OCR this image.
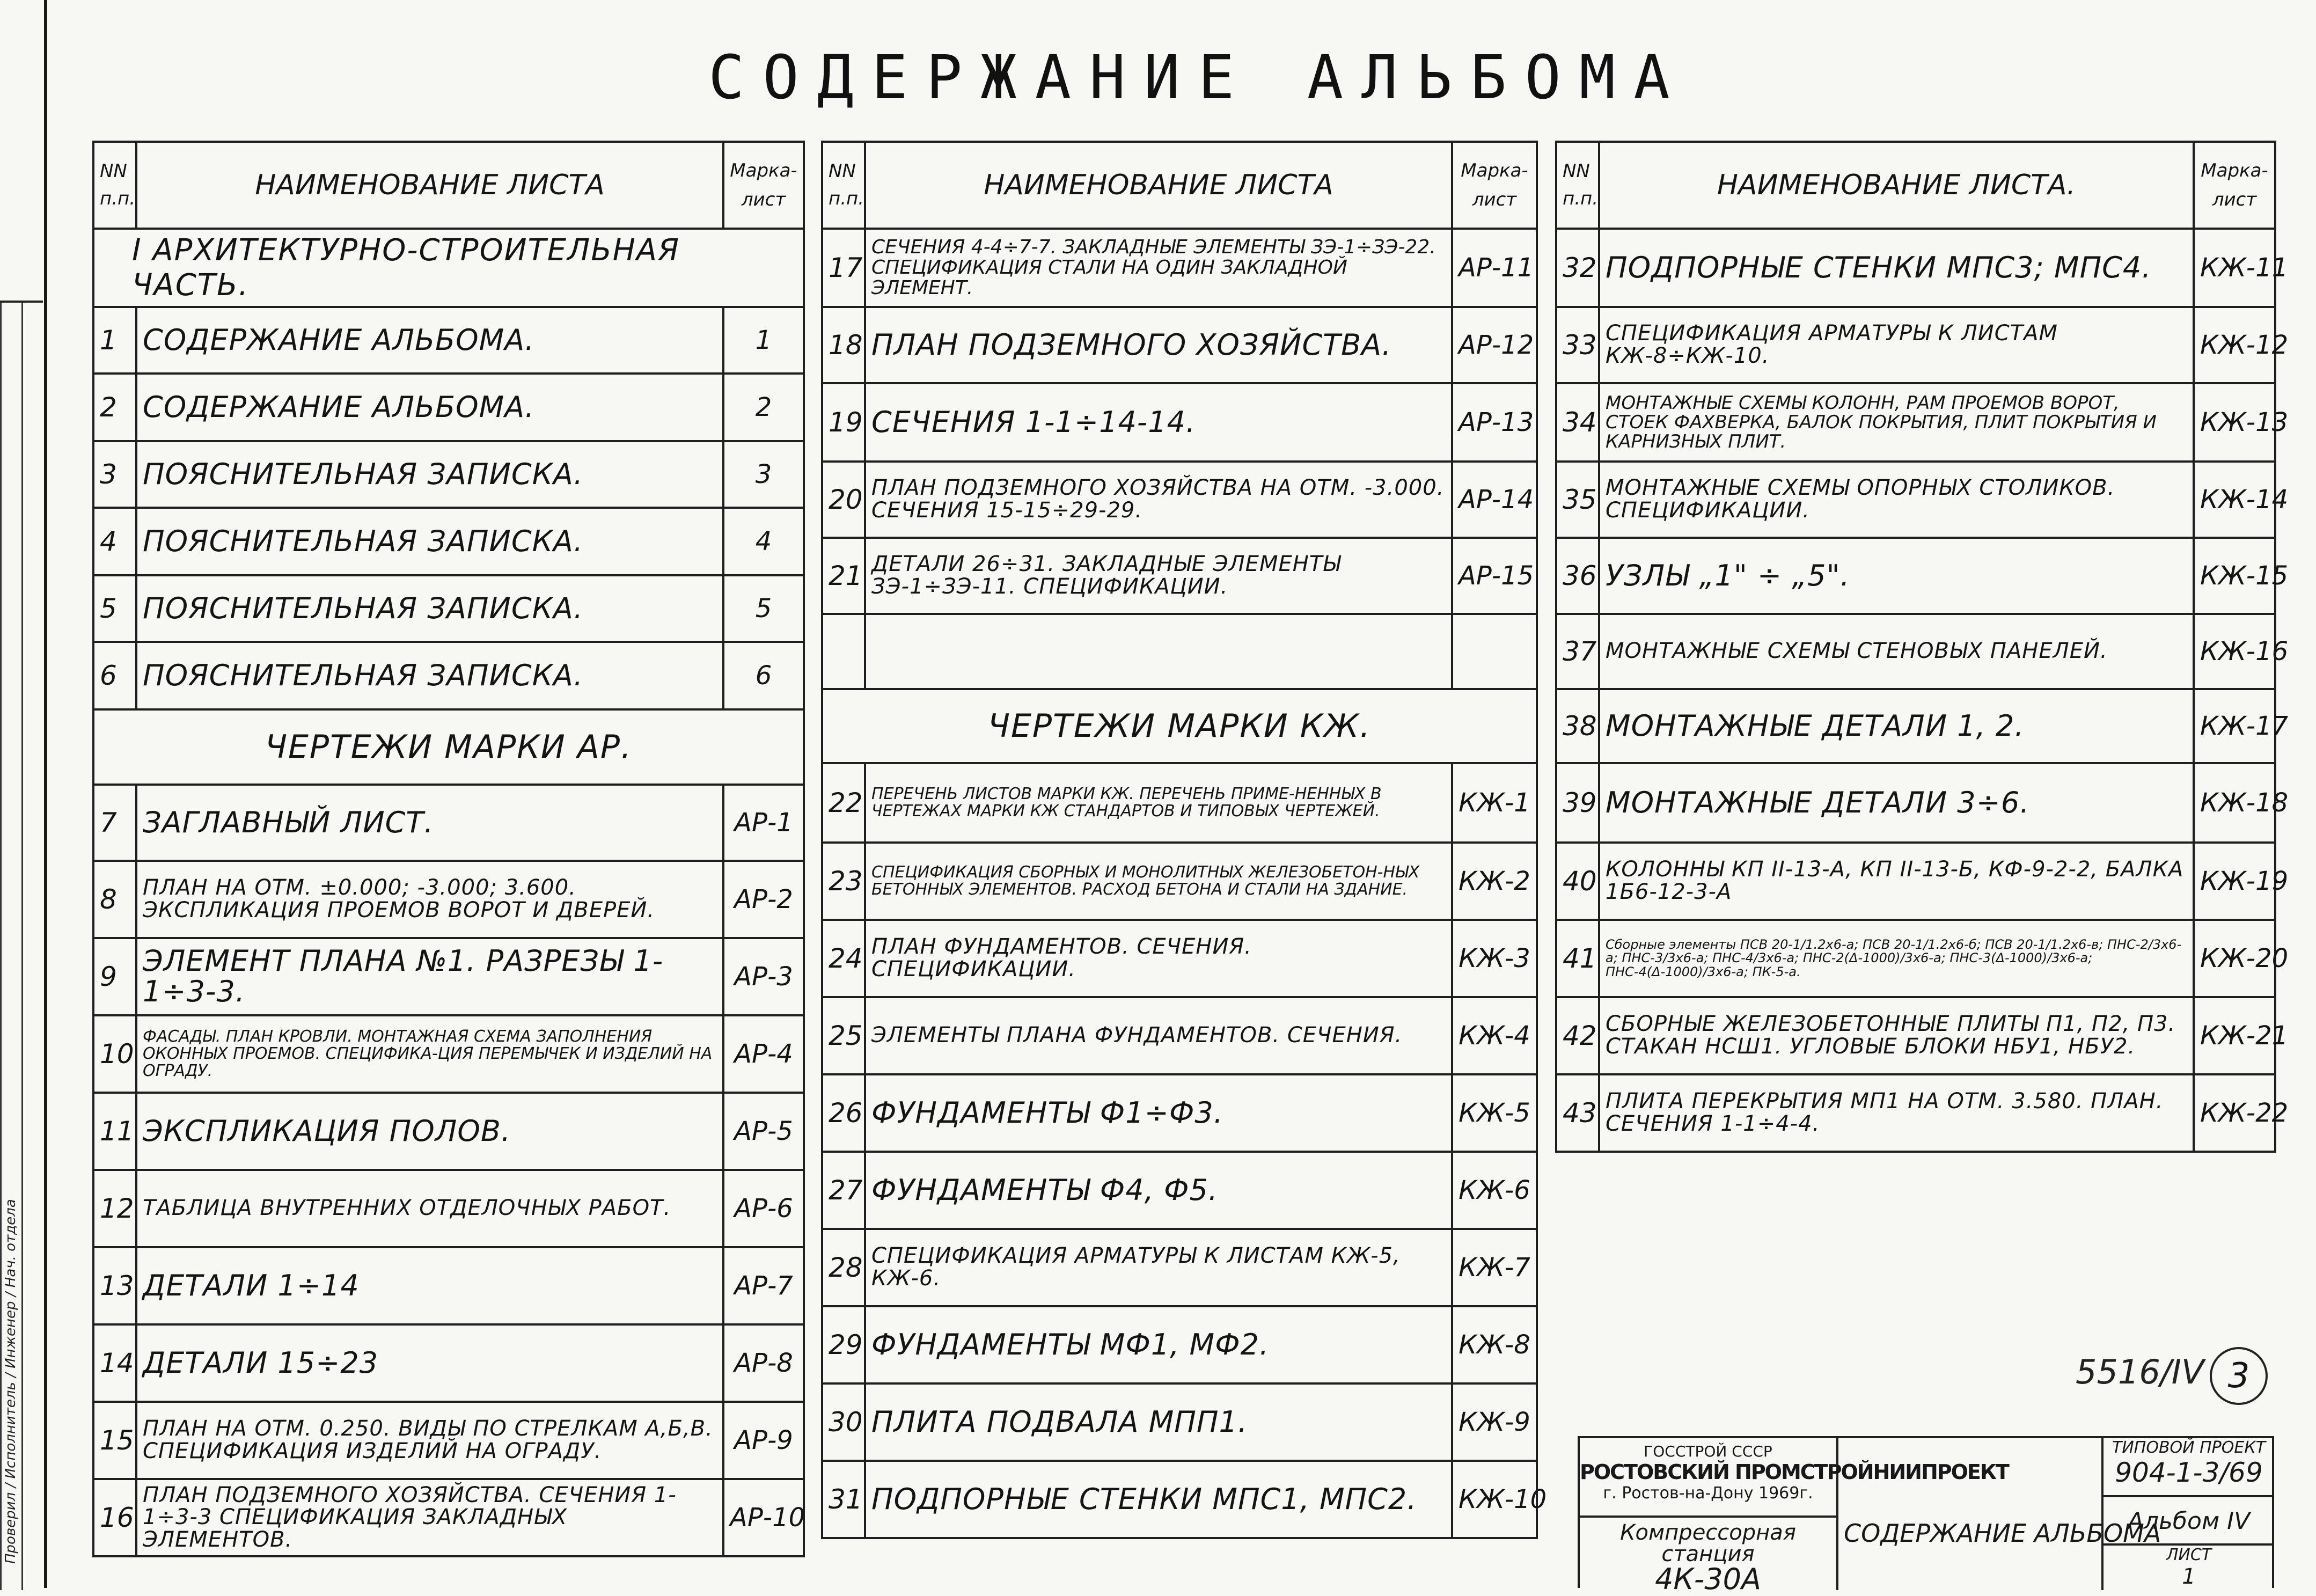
Проверил / Исполнитель / Инженер / Нач. отдела
СОДЕРЖАНИЕ АЛЬБОМА
NN п.п.	НАИМЕНОВАНИЕ ЛИСТА	Марка- лист
I АРХИТЕКТУРНО-СТРОИТЕЛЬНАЯ ЧАСТЬ.		
1	СОДЕРЖАНИЕ АЛЬБОМА.	1
2	СОДЕРЖАНИЕ АЛЬБОМА.	2
3	ПОЯСНИТЕЛЬНАЯ ЗАПИСКА.	3
4	ПОЯСНИТЕЛЬНАЯ ЗАПИСКА.	4
5	ПОЯСНИТЕЛЬНАЯ ЗАПИСКА.	5
6	ПОЯСНИТЕЛЬНАЯ ЗАПИСКА.	6
ЧЕРТЕЖИ МАРКИ АР.		
7	ЗАГЛАВНЫЙ ЛИСТ.	АР-1
8	ПЛАН НА ОТМ. ±0.000; -3.000; 3.600. ЭКСПЛИКАЦИЯ ПРОЕМОВ ВОРОТ И ДВЕРЕЙ.	АР-2
9	ЭЛЕМЕНТ ПЛАНА №1. РАЗРЕЗЫ 1-1÷3-3.	АР-3
10	ФАСАДЫ. ПЛАН КРОВЛИ. МОНТАЖНАЯ СХЕМА ЗАПОЛНЕНИЯ ОКОННЫХ ПРОЕМОВ. СПЕЦИФИКА-ЦИЯ ПЕРЕМЫЧЕК И ИЗДЕЛИЙ НА ОГРАДУ.	АР-4
11	ЭКСПЛИКАЦИЯ ПОЛОВ.	АР-5
12	ТАБЛИЦА ВНУТРЕННИХ ОТДЕЛОЧНЫХ РАБОТ.	АР-6
13	ДЕТАЛИ 1÷14	АР-7
14	ДЕТАЛИ 15÷23	АР-8
15	ПЛАН НА ОТМ. 0.250. ВИДЫ ПО СТРЕЛКАМ А,Б,В. СПЕЦИФИКАЦИЯ ИЗДЕЛИЙ НА ОГРАДУ.	АР-9
16	ПЛАН ПОДЗЕМНОГО ХОЗЯЙСТВА. СЕЧЕНИЯ 1-1÷3-3 СПЕЦИФИКАЦИЯ ЗАКЛАДНЫХ ЭЛЕМЕНТОВ.	АР-10
NN п.п.	НАИМЕНОВАНИЕ ЛИСТА	Марка- лист
17	СЕЧЕНИЯ 4-4÷7-7. ЗАКЛАДНЫЕ ЭЛЕМЕНТЫ ЗЭ-1÷ЗЭ-22. СПЕЦИФИКАЦИЯ СТАЛИ НА ОДИН ЗАКЛАДНОЙ ЭЛЕМЕНТ.	АР-11
18	ПЛАН ПОДЗЕМНОГО ХОЗЯЙСТВА.	АР-12
19	СЕЧЕНИЯ 1-1÷14-14.	АР-13
20	ПЛАН ПОДЗЕМНОГО ХОЗЯЙСТВА НА ОТМ. -3.000. СЕЧЕНИЯ 15-15÷29-29.	АР-14
21	ДЕТАЛИ 26÷31. ЗАКЛАДНЫЕ ЭЛЕМЕНТЫ ЗЭ-1÷ЗЭ-11. СПЕЦИФИКАЦИИ.	АР-15

ЧЕРТЕЖИ МАРКИ КЖ.		
22	ПЕРЕЧЕНЬ ЛИСТОВ МАРКИ КЖ. ПЕРЕЧЕНЬ ПРИМЕ-НЕННЫХ В ЧЕРТЕЖАХ МАРКИ КЖ СТАНДАРТОВ И ТИПОВЫХ ЧЕРТЕЖЕЙ.	КЖ-1
23	СПЕЦИФИКАЦИЯ СБОРНЫХ И МОНОЛИТНЫХ ЖЕЛЕЗОБЕТОН-НЫХ БЕТОННЫХ ЭЛЕМЕНТОВ. РАСХОД БЕТОНА И СТАЛИ НА ЗДАНИЕ.	КЖ-2
24	ПЛАН ФУНДАМЕНТОВ. СЕЧЕНИЯ. СПЕЦИФИКАЦИИ.	КЖ-3
25	ЭЛЕМЕНТЫ ПЛАНА ФУНДАМЕНТОВ. СЕЧЕНИЯ.	КЖ-4
26	ФУНДАМЕНТЫ Ф1÷Ф3.	КЖ-5
27	ФУНДАМЕНТЫ Ф4, Ф5.	КЖ-6
28	СПЕЦИФИКАЦИЯ АРМАТУРЫ К ЛИСТАМ КЖ-5, КЖ-6.	КЖ-7
29	ФУНДАМЕНТЫ МФ1, МФ2.	КЖ-8
30	ПЛИТА ПОДВАЛА МПП1.	КЖ-9
31	ПОДПОРНЫЕ СТЕНКИ МПС1, МПС2.	КЖ-10
NN п.п.	НАИМЕНОВАНИЕ ЛИСТА.	Марка- лист
32	ПОДПОРНЫЕ СТЕНКИ МПС3; МПС4.	КЖ-11
33	СПЕЦИФИКАЦИЯ АРМАТУРЫ К ЛИСТАМ КЖ-8÷КЖ-10.	КЖ-12
34	МОНТАЖНЫЕ СХЕМЫ КОЛОНН, РАМ ПРОЕМОВ ВОРОТ, СТОЕК ФАХВЕРКА, БАЛОК ПОКРЫТИЯ, ПЛИТ ПОКРЫТИЯ И КАРНИЗНЫХ ПЛИТ.	КЖ-13
35	МОНТАЖНЫЕ СХЕМЫ ОПОРНЫХ СТОЛИКОВ. СПЕЦИФИКАЦИИ.	КЖ-14
36	УЗЛЫ „1" ÷ „5".	КЖ-15
37	МОНТАЖНЫЕ СХЕМЫ СТЕНОВЫХ ПАНЕЛЕЙ.	КЖ-16
38	МОНТАЖНЫЕ ДЕТАЛИ 1, 2.	КЖ-17
39	МОНТАЖНЫЕ ДЕТАЛИ 3÷6.	КЖ-18
40	КОЛОННЫ КП II-13-А, КП II-13-Б, КФ-9-2-2, БАЛКА 1Б6-12-3-А	КЖ-19
41	Сборные элементы ПСВ 20-1/1.2х6-а; ПСВ 20-1/1.2х6-б; ПСВ 20-1/1.2х6-в; ПНС-2/3х6-а; ПНС-3/3х6-а; ПНС-4/3х6-а; ПНС-2(Δ-1000)/3х6-а; ПНС-3(Δ-1000)/3х6-а; ПНС-4(Δ-1000)/3х6-а; ПК-5-а.	КЖ-20
42	СБОРНЫЕ ЖЕЛЕЗОБЕТОННЫЕ ПЛИТЫ П1, П2, П3. СТАКАН НСШ1. УГЛОВЫЕ БЛОКИ НБУ1, НБУ2.	КЖ-21
43	ПЛИТА ПЕРЕКРЫТИЯ МП1 НА ОТМ. 3.580. ПЛАН. СЕЧЕНИЯ 1-1÷4-4.	КЖ-22
5516/IV 3
ГОССТРОЙ СССР
РОСТОВСКИЙ ПРОМСТРОЙНИИПРОЕКТ
г. Ростов-на-Дону 1969г.
Компрессорная станция
4К-30А
СОДЕРЖАНИЕ АЛЬБОМА
ТИПОВОЙ ПРОЕКТ
904-1-3/69
Альбом IV
ЛИСТ
1
